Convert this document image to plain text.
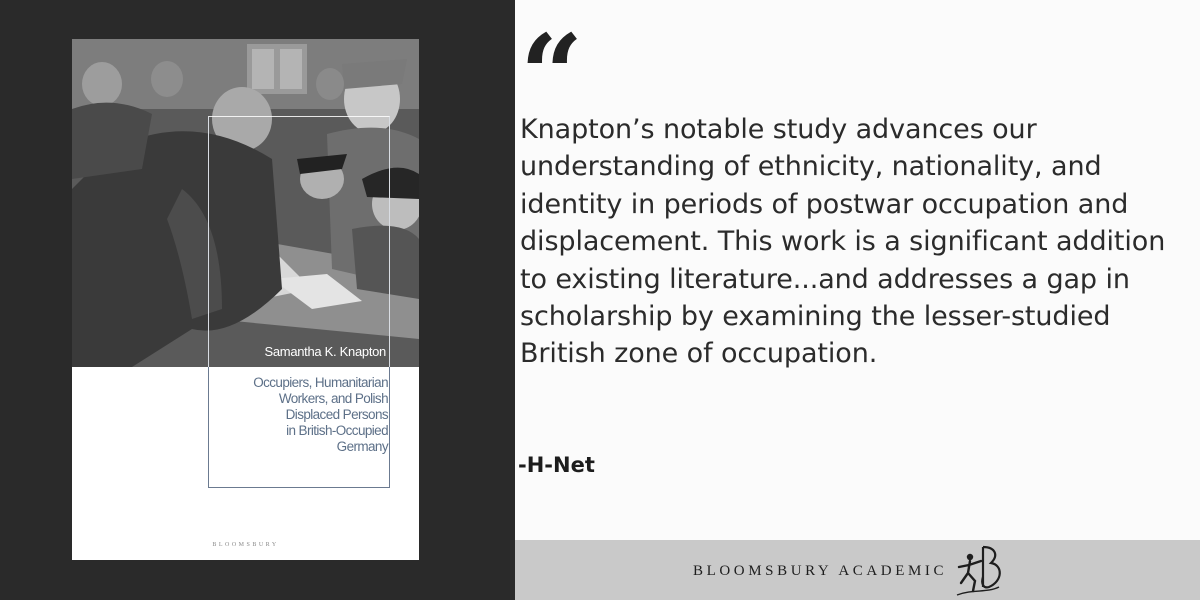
Samantha K. Knapton
Occupiers, Humanitarian
Workers, and Polish
Displaced Persons
in British-Occupied
Germany
BLOOMSBURY
“
Knapton’s notable study advances our
understanding of ethnicity, nationality, and
identity in periods of postwar occupation and
displacement. This work is a significant addition
to existing literature...and addresses a gap in
scholarship by examining the lesser-studied
British zone of occupation.
-H-Net
BLOOMSBURY ACADEMIC
